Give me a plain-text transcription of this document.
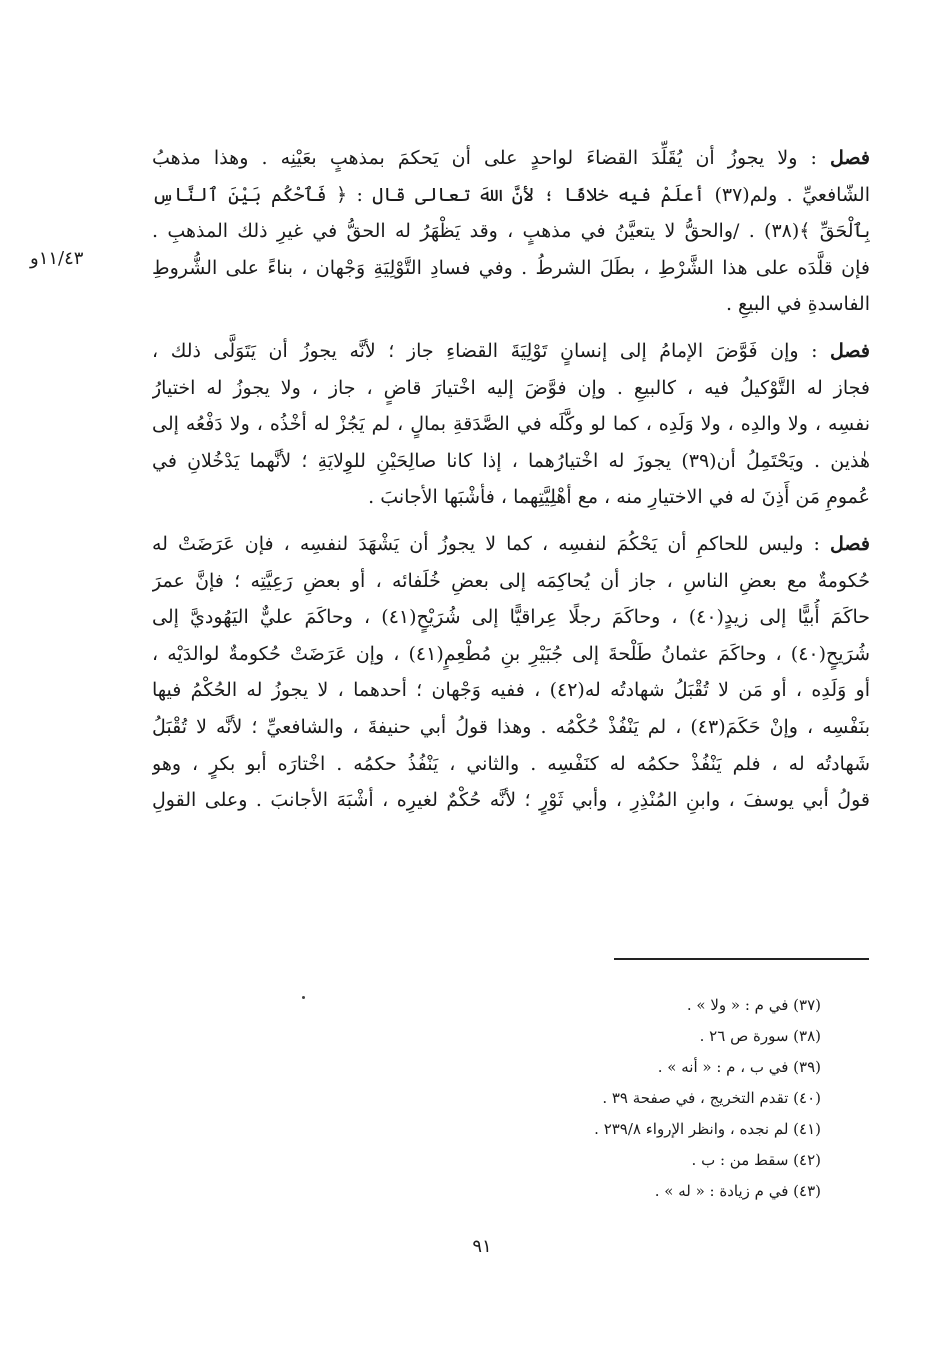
فصل : ولا يجوزُ أن يُقَلِّدَ القضاءَ لواحدٍ على أن يَحكمَ بمذهبٍ بعَيْنِه . وهذا مذهبُ
الشّافعيِّ . ولم(٣٧) أعلَمْ فيه خلافًا ؛ لأنَّ اللهَ تعالى قال : ﴿ فَٱحْكُم بَيْنَ ٱلنَّاسِ
بِٱلْحَقِّ ﴾(٣٨) . /والحقُّ لا يتعيَّنُ في مذهبٍ ، وقد يَظْهَرُ له الحقُّ في غيرِ ذلك المذهبِ .
فإن قلَّدَه على هذا الشَّرْطِ ، بطَلَ الشرطُ . وفي فسادِ التَّوْلِيَةِ وَجْهان ، بناءً على الشُّروطِ
الفاسدةِ في البيعِ .
فصل : وإن فَوَّضَ الإمامُ إلى إنسانٍ تَوْلِيَةَ القضاءِ جاز ؛ لأنَّه يجوزُ أن يَتَوَلَّى ذلك ،
فجاز له التَّوْكيلُ فيه ، كالبيعِ . وإن فوَّضَ إليه اخْتيارَ قاضٍ ، جاز ، ولا يجوزُ له اختيارُ
نفسِه ، ولا والدِه ، ولا وَلَدِه ، كما لو وكَّلَه في الصَّدَقةِ بمالٍ ، لم يَجُزْ له أخْذُه ، ولا دَفْعُه إلى
هٰذين . ويَحْتَمِلُ أن(٣٩) يجوزَ له اخْتيارُهما ، إذا كانا صالِحَيْنِ للوِلايَةِ ؛ لأنَّهما يَدْخُلانِ في
عُمومِ مَن أَذِنَ له في الاختيارِ منه ، مع أهْلِيَّتِهما ، فأشْبَها الأجانبَ .
فصل : وليس للحاكمِ أن يَحْكُمَ لنفسِه ، كما لا يجوزُ أن يَشْهَدَ لنفسِه ، فإن عَرَضَتْ له
حُكومةٌ مع بعضِ الناسِ ، جاز أن يُحاكِمَه إلى بعضِ خُلَفائه ، أو بعضِ رَعِيَّتِه ؛ فإنَّ عمرَ
حاكَمَ أُبيًّا إلى زيدٍ(٤٠) ، وحاكَمَ رجلًا عِراقيًّا إلى شُرَيْحٍ(٤١) ، وحاكَمَ عليٌّ اليَهُوديَّ إلى
شُرَيحٍ(٤٠) ، وحاكَمَ عثمانُ طَلْحةَ إلى جُبَيْرِ بنِ مُطْعِمٍ(٤١) ، وإن عَرَضَتْ حُكومةٌ لوالدَيْه ،
أو وَلَدِه ، أو مَن لا تُقْبَلُ شهادتُه له(٤٢) ، ففيه وَجْهان ؛ أحدهما ، لا يجوزُ له الحُكْمُ فيها
بنَفْسِه ، وإنْ حَكَمَ(٤٣) ، لم يَنْفُذْ حُكْمُه . وهذا قولُ أبي حنيفةَ ، والشافعيِّ ؛ لأنَّه لا تُقْبَلُ
شَهادتُه له ، فلم يَنْفُذْ حكمُه له كنَفْسِه . والثاني ، يَنْفُذُ حكمُه . اخْتارَه أبو بكرٍ ، وهو
قولُ أبي يوسفَ ، وابنِ المُنْذِرِ ، وأبي ثَوْرٍ ؛ لأنَّه حُكْمٌ لغيرِه ، أشْبَهَ الأجانبَ . وعلى القولِ
١١/٤٣و
(٣٧) في م : « ولا » .
(٣٨) سورة ص ٢٦ .
(٣٩) في ب ، م : « أنه » .
(٤٠) تقدم التخريج ، في صفحة ٣٩ .
(٤١) لم نجده ، وانظر الإرواء ٢٣٩/٨ .
(٤٢) سقط من : ب .
(٤٣) في م زيادة : « له » .
٩١
